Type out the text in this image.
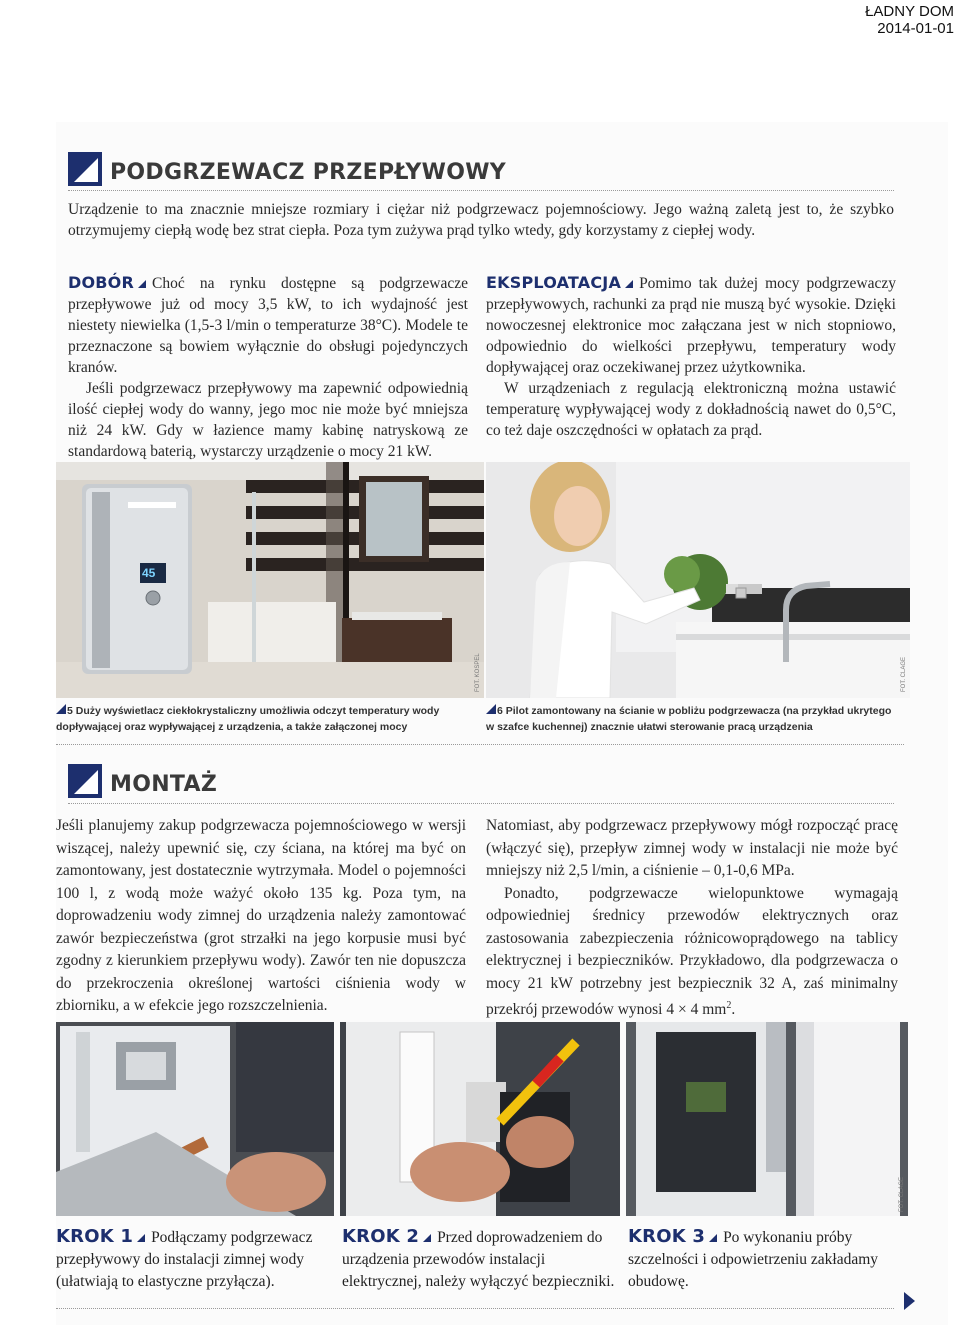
ŁADNY DOM
2014-01-01
PODGRZEWACZ PRZEPŁYWOWY
Urządzenie to ma znacznie mniejsze rozmiary i ciężar niż podgrzewacz pojemnościowy. Jego ważną zaletą jest to, że szybko otrzymujemy ciepłą wodę bez strat ciepła. Poza tym zużywa prąd tylko wtedy, gdy korzystamy z ciepłej wody.

DOBÓR Choć na rynku dostępne są podgrzewacze przepływowe już od mocy 3,5 kW, to ich wydajność jest niestety niewielka (1,5-3 l/min o temperaturze 38°C). Modele te przeznaczone są bowiem wyłącznie do obsługi pojedynczych kranów.

Jeśli podgrzewacz przepływowy ma zapewnić odpowiednią ilość ciepłej wody do wanny, jego moc nie może być mniejsza niż 24 kW. Gdy w łazience mamy kabinę natryskową ze standardową baterią, wystarczy urządzenie o mocy 21 kW.

EKSPLOATACJA Pomimo tak dużej mocy podgrzewaczy przepływowych, rachunki za prąd nie muszą być wysokie. Dzięki nowoczesnej elektronice moc załączana jest w nich stopniowo, odpowiednio do wielkości przepływu, temperatury wody dopływającej oraz oczekiwanej przez użytkownika.

W urządzeniach z regulacją elektroniczną można ustawić temperaturę wypływającej wody z dokładnością nawet do 0,5°C, co też daje oszczędności w opłatach za prąd.

45
FOT. KOSPEL	FOT. CLAGE
5 Duży wyświetlacz ciekłokrystaliczny umożliwia odczyt temperatury wody dopływającej oraz wypływającej z urządzenia, a także załączonej mocy
6 Pilot zamontowany na ścianie w pobliżu podgrzewacza (na przykład ukrytego w szafce kuchennej) znacznie ułatwi sterowanie pracą urządzenia
MONTAŻ
Jeśli planujemy zakup podgrzewacza pojemnościowego w wersji wiszącej, należy upewnić się, czy ściana, na której ma być on zamontowany, jest dostatecznie wytrzymała. Model o pojemności 100 l, z wodą może ważyć około 135 kg. Poza tym, na doprowadzeniu wody zimnej do urządzenia należy zamontować zawór bezpieczeństwa (grot strzałki na jego korpusie musi być zgodny z kierunkiem przepływu wody). Zawór ten nie dopuszcza do przekroczenia określonej wartości ciśnienia wody w zbiorniku, a w efekcie jego rozszczelnienia.

Natomiast, aby podgrzewacz przepływowy mógł rozpocząć pracę (włączyć się), przepływ zimnej wody w instalacji nie może być mniejszy niż 2,5 l/min, a ciśnienie – 0,1-0,6 MPa.

Ponadto, podgrzewacze wielopunktowe wymagają odpowiedniej średnicy przewodów elektrycznych oraz zastosowania zabezpieczenia różnicowoprądowego na tablicy elektrycznej i bezpieczników. Przykładowo, dla podgrzewacza o mocy 21 kW potrzebny jest bezpiecznik 32 A, zaś minimalny przekrój przewodów wynosi 4 × 4 $mm^2$.

FOT. CLAGE
KROK 1 Podłączamy podgrzewacz przepływowy do instalacji zimnej wody (ułatwiają to elastyczne przyłącza).
KROK 2 Przed doprowadzeniem do urządzenia przewodów instalacji elektrycznej, należy wyłączyć bezpieczniki.
KROK 3 Po wykonaniu próby szczelności i odpowietrzeniu zakładamy obudowę.
